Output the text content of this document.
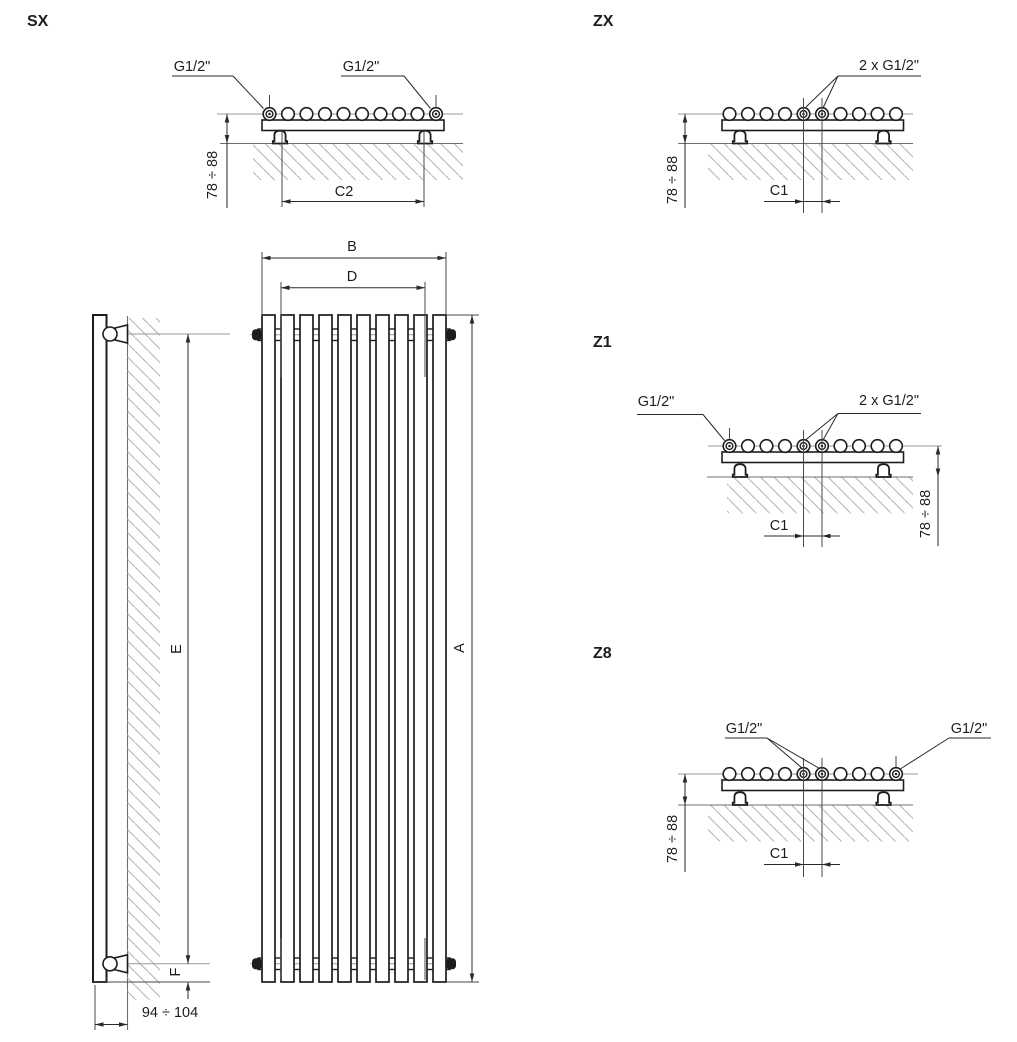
SX
78 ÷ 88	C2
G1/2"	G1/2"
ZX
78 ÷ 88	C1
2 x G1/2"
Z1
78 ÷ 88
C1
G1/2"	2 x G1/2"
Z8
78 ÷ 88	C1
G1/2"	G1/2"
E
F
94 ÷ 104
B
D
A
